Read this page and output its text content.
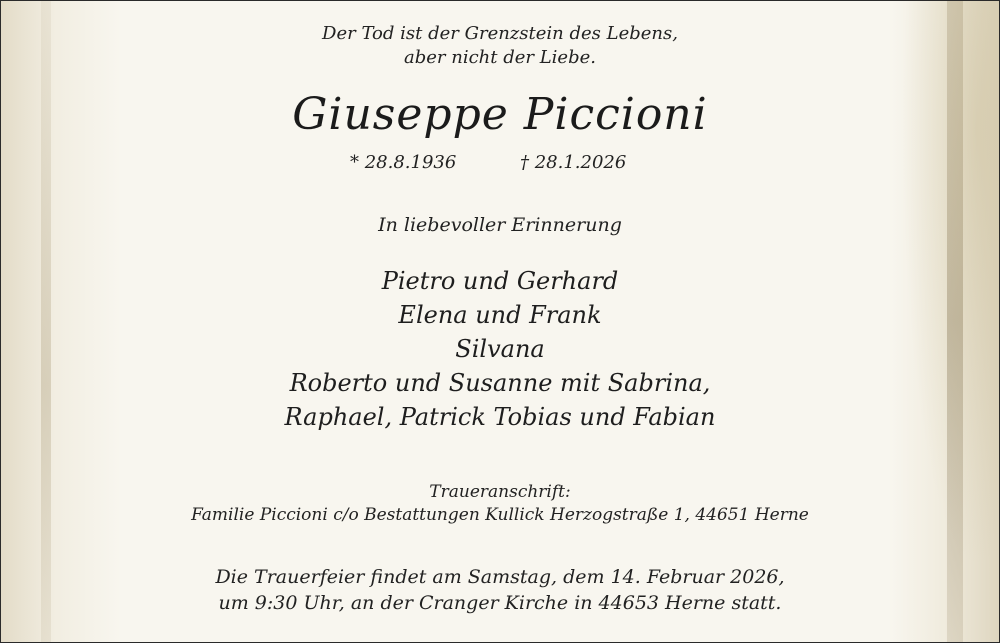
Der Tod ist der Grenzstein des Lebens,
aber nicht der Liebe.
Giuseppe Piccioni
* 28.8.1936	† 28.1.2026
In liebevoller Erinnerung
Pietro und Gerhard
Elena und Frank
Silvana
Roberto und Susanne mit Sabrina,
Raphael, Patrick Tobias und Fabian
Traueranschrift:
Familie Piccioni c/o Bestattungen Kullick Herzogstraße 1, 44651 Herne
Die Trauerfeier findet am Samstag, dem 14. Februar 2026,
um 9:30 Uhr, an der Cranger Kirche in 44653 Herne statt.
